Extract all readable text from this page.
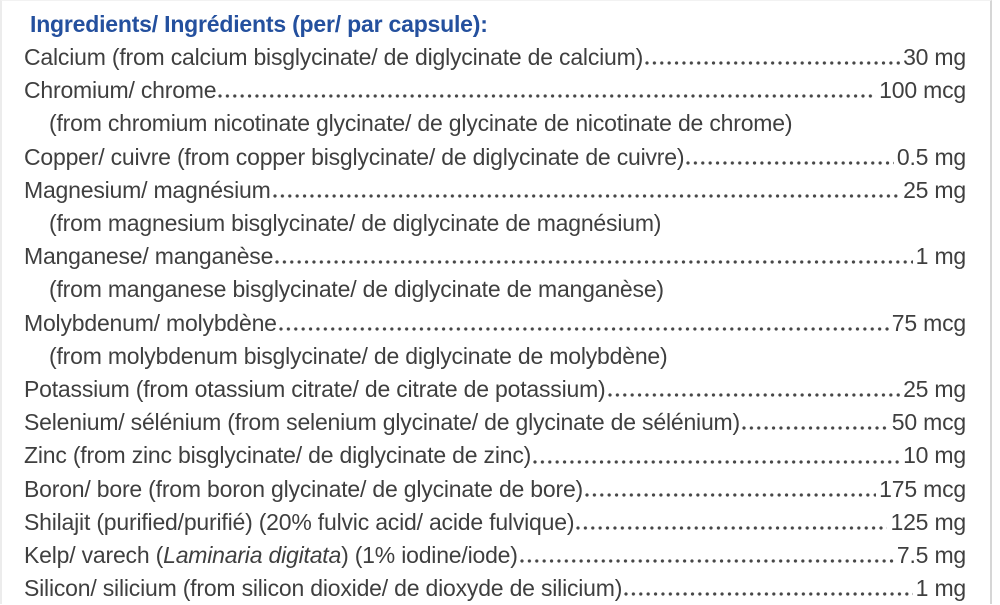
Ingredients/ Ingrédients (per/ par capsule):
Calcium (from calcium bisglycinate/ de diglycinate de calcium)	30 mg
Chromium/ chrome	100 mcg
(from chromium nicotinate glycinate/ de glycinate de nicotinate de chrome)
Copper/ cuivre (from copper bisglycinate/ de diglycinate de cuivre)	0.5 mg
Magnesium/ magnésium	25 mg
(from magnesium bisglycinate/ de diglycinate de magnésium)
Manganese/ manganèse	1 mg
(from manganese bisglycinate/ de diglycinate de manganèse)
Molybdenum/ molybdène	75 mcg
(from molybdenum bisglycinate/ de diglycinate de molybdène)
Potassium (from otassium citrate/ de citrate de potassium)	25 mg
Selenium/ sélénium (from selenium glycinate/ de glycinate de sélénium)	50 mcg
Zinc (from zinc bisglycinate/ de diglycinate de zinc)	10 mg
Boron/ bore (from boron glycinate/ de glycinate de bore)	175 mcg
Shilajit (purified/purifié) (20% fulvic acid/ acide fulvique)	125 mg
Kelp/ varech (Laminaria digitata) (1% iodine/iode)	7.5 mg
Silicon/ silicium (from silicon dioxide/ de dioxyde de silicium)	1 mg
